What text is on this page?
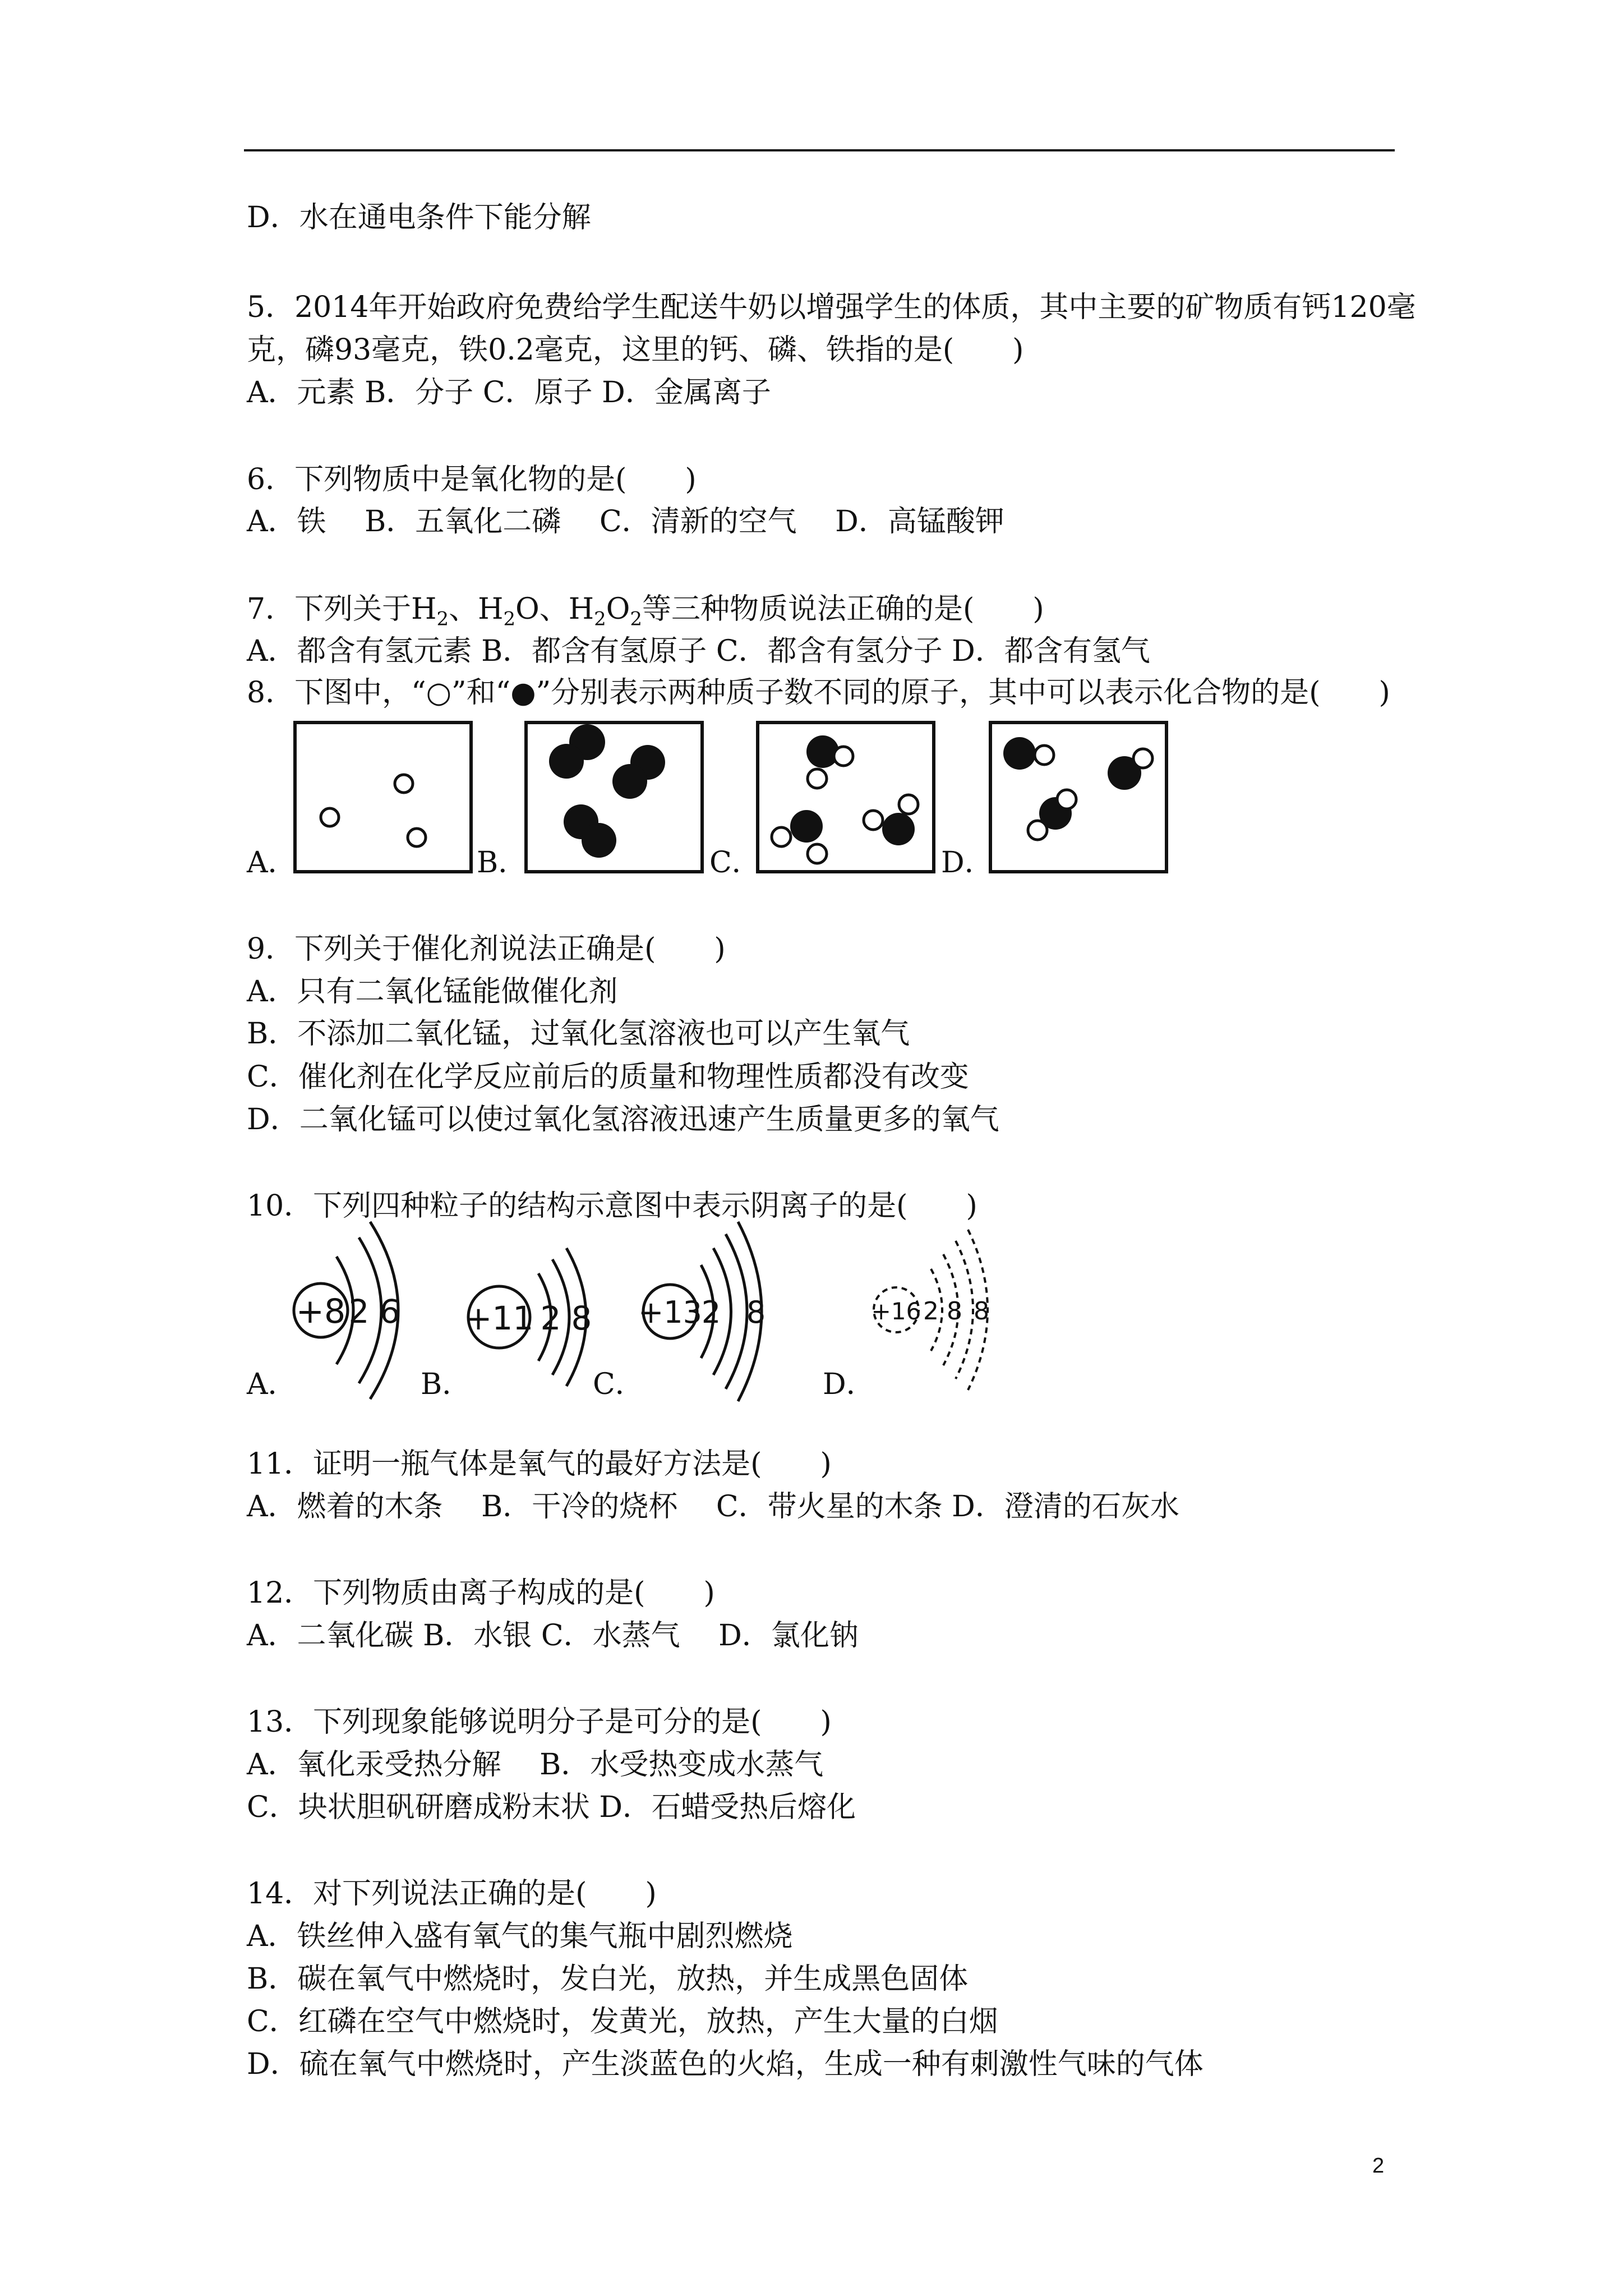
D．水在通电条件下能分解
5．2014年开始政府免费给学生配送牛奶以增强学生的体质，其中主要的矿物质有钙120毫
克，磷93毫克，铁0.2毫克，这里的钙、磷、铁指的是(　　)
A．元素 B．分子 C．原子 D．金属离子
6．下列物质中是氧化物的是(　　)
A．铁　 B．五氧化二磷　 C．清新的空气　 D．高锰酸钾
7．下列关于$H_2$、$H_2O$、$H_2O_2$等三种物质说法正确的是(　　)
A．都含有氢元素 B．都含有氢原子 C．都含有氢分子 D．都含有氢气
8．下图中，“○”和“●”分别表示两种质子数不同的原子，其中可以表示化合物的是(　　)
A．	B．	C．	D．
9．下列关于催化剂说法正确是(　　)
A．只有二氧化锰能做催化剂
B．不添加二氧化锰，过氧化氢溶液也可以产生氧气
C．催化剂在化学反应前后的质量和物理性质都没有改变
D．二氧化锰可以使过氧化氢溶液迅速产生质量更多的氧气
10．下列四种粒子的结构示意图中表示阴离子的是(　　)
+8 2 6 +11 2 8 +13
2 8	+16 2 8 8
A．	B．	C．	D．
11．证明一瓶气体是氧气的最好方法是(　　)
A．燃着的木条　 B．干冷的烧杯　 C．带火星的木条 D．澄清的石灰水
12．下列物质由离子构成的是(　　)
A．二氧化碳 B．水银 C．水蒸气　 D．氯化钠
13．下列现象能够说明分子是可分的是(　　)
A．氧化汞受热分解　 B．水受热变成水蒸气
C．块状胆矾研磨成粉末状 D．石蜡受热后熔化
14．对下列说法正确的是(　　)
A．铁丝伸入盛有氧气的集气瓶中剧烈燃烧
B．碳在氧气中燃烧时，发白光，放热，并生成黑色固体
C．红磷在空气中燃烧时，发黄光，放热，产生大量的白烟
D．硫在氧气中燃烧时，产生淡蓝色的火焰，生成一种有刺激性气味的气体
2
